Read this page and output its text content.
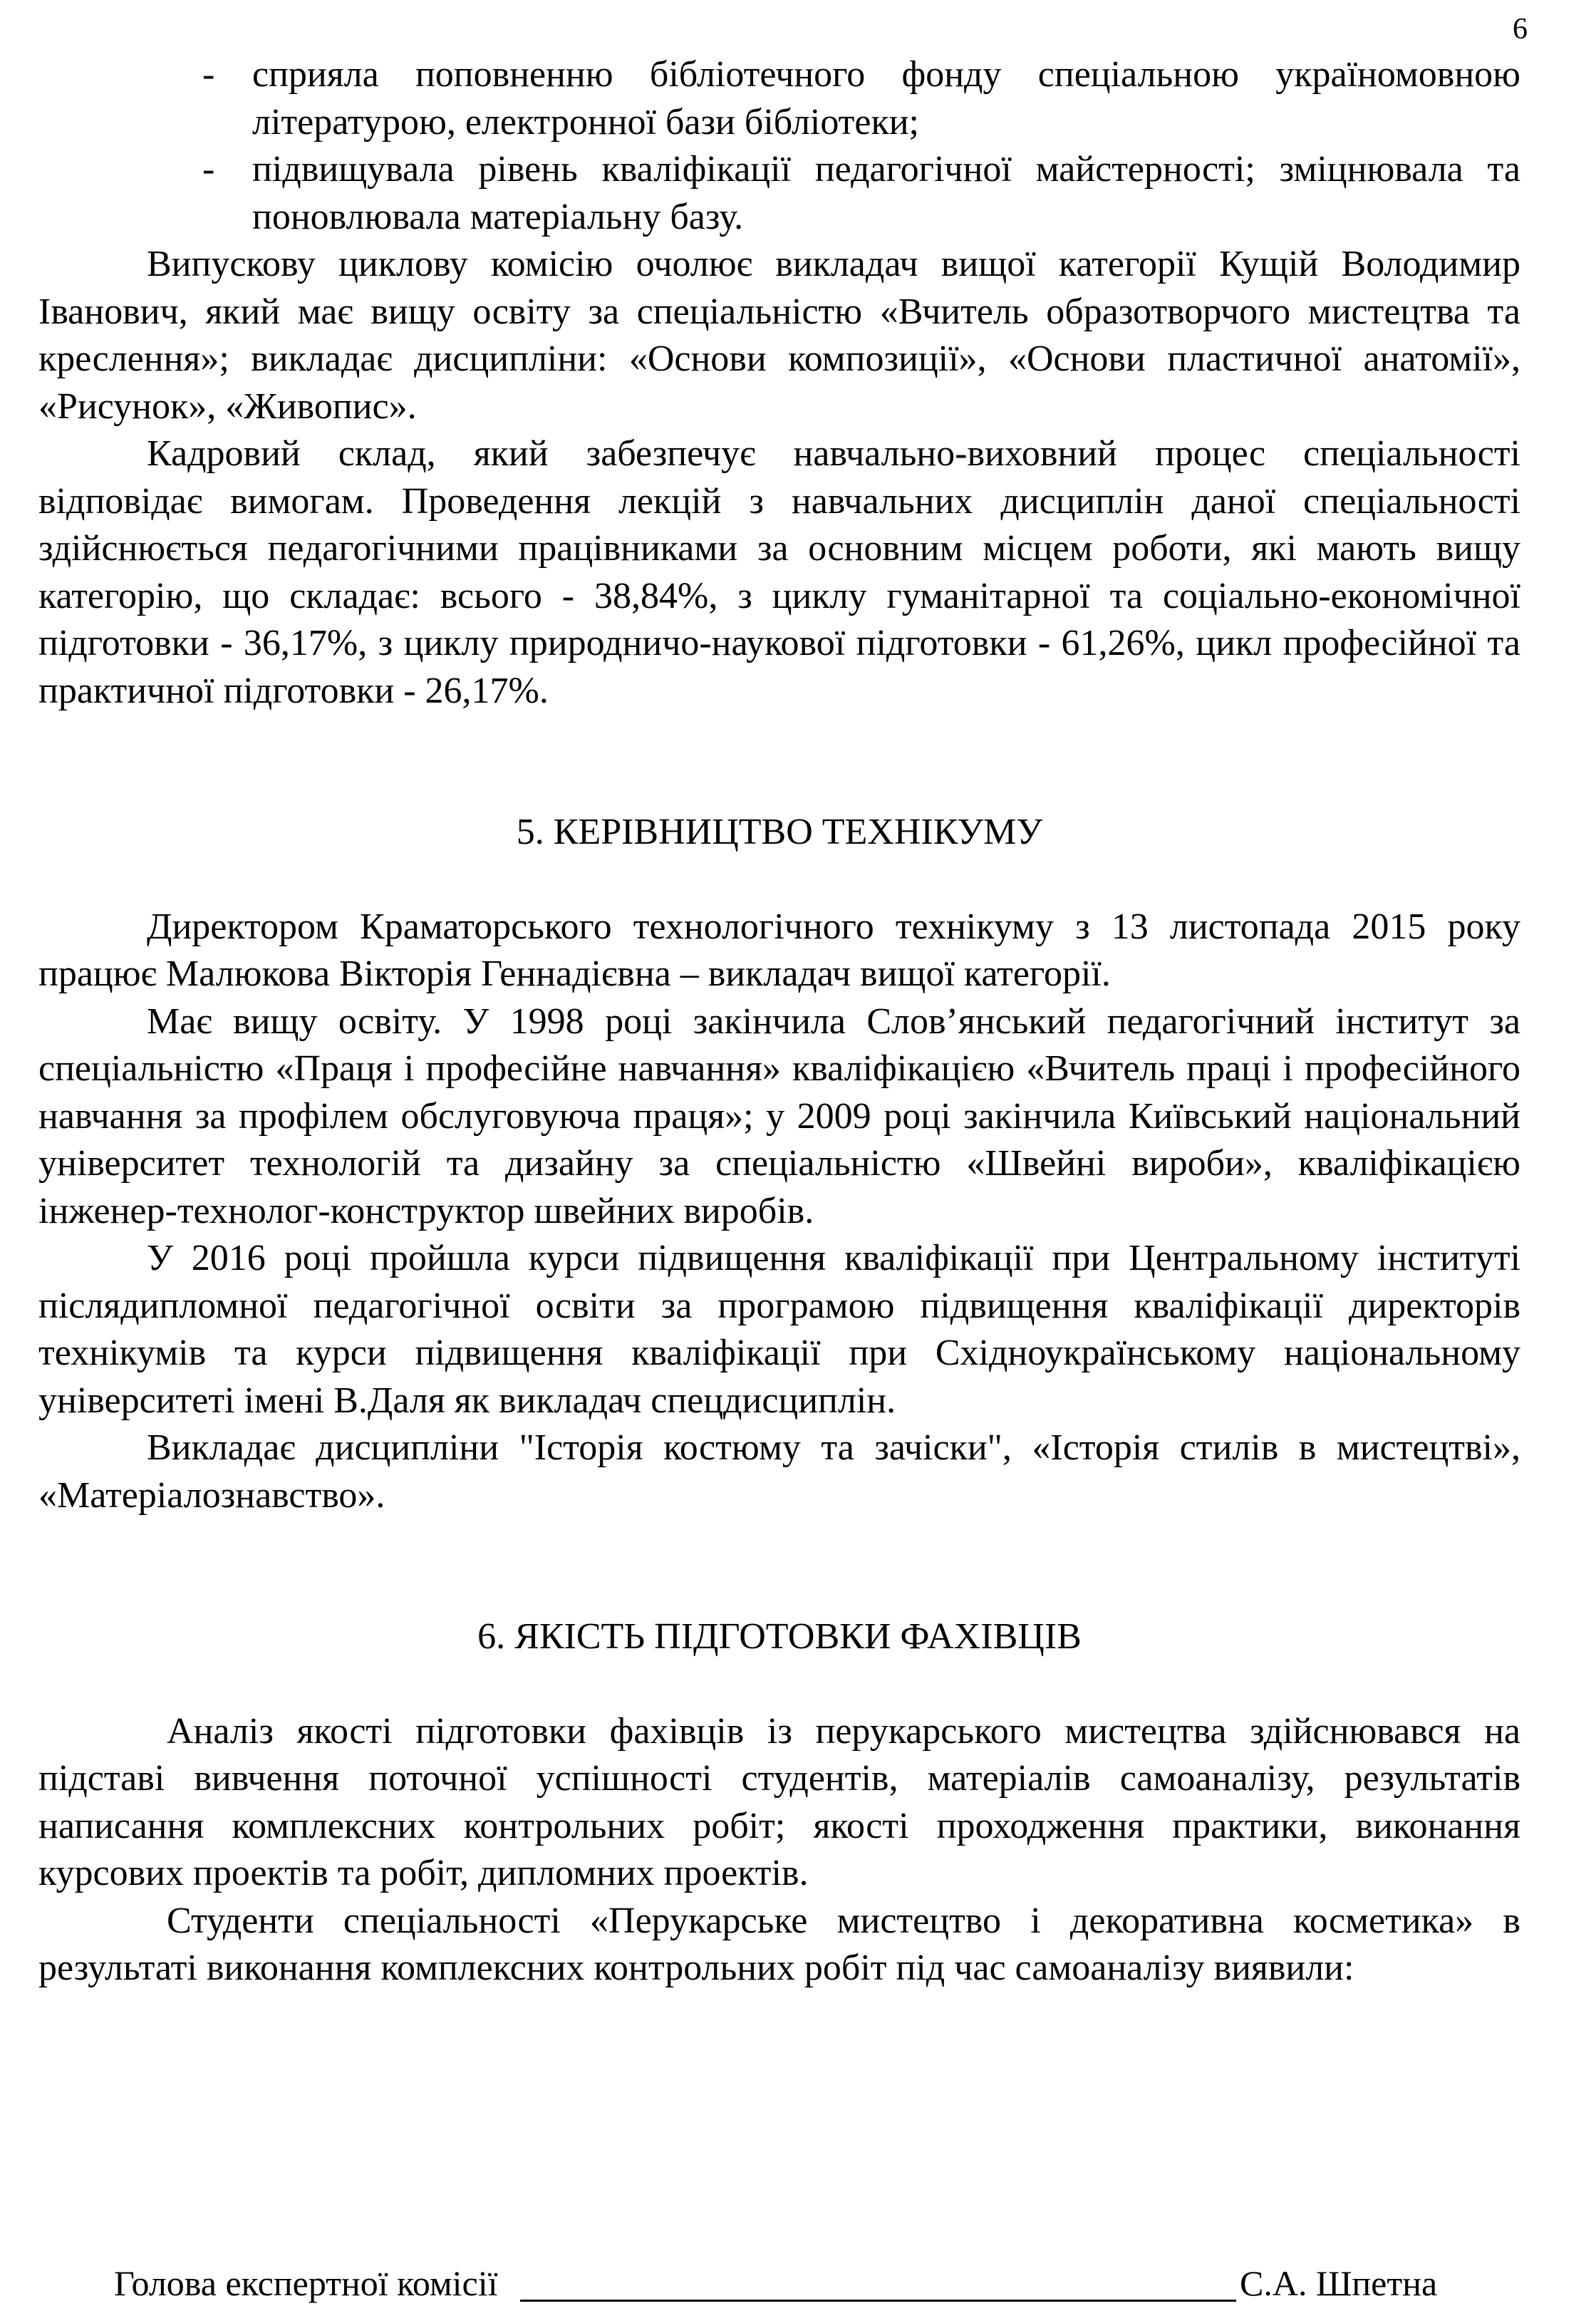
6
-	сприяла поповненню бібліотечного фонду спеціальною україномовною літературою, електронної бази бібліотеки;
-	підвищувала рівень кваліфікації педагогічної майстерності; зміцнювала та поновлювала матеріальну базу.

Випускову циклову комісію очолює викладач вищої категорії Кущій Володимир Іванович, який має вищу освіту за спеціальністю «Вчитель образотворчого мистецтва та креслення»; викладає дисципліни: «Основи композиції», «Основи пластичної анатомії», «Рисунок», «Живопис».

Кадровий склад, який забезпечує навчально-виховний процес спеціальності відповідає вимогам. Проведення лекцій з навчальних дисциплін даної спеціальності здійснюється педагогічними працівниками за основним місцем роботи, які мають вищу категорію, що складає: всього - 38,84%, з циклу гуманітарної та соціально-економічної підготовки - 36,17%, з циклу природничо-наукової підготовки - 61,26%, цикл професійної та практичної підготовки - 26,17%.

5. КЕРІВНИЦТВО ТЕХНІКУМУ

Директором Краматорського технологічного технікуму з 13 листопада 2015 року працює Малюкова Вікторія Геннадієвна – викладач вищої категорії.

Має вищу освіту. У 1998 році закінчила Слов’янський педагогічний інститут за спеціальністю «Праця і професійне навчання» кваліфікацією «Вчитель праці і професійного навчання за профілем обслуговуюча праця»; у 2009 році закінчила Київський національний університет технологій та дизайну за спеціальністю «Швейні вироби», кваліфікацією інженер-технолог-конструктор швейних виробів.

У 2016 році пройшла курси підвищення кваліфікації при Центральному інституті післядипломної педагогічної освіти за програмою підвищення кваліфікації директорів технікумів та курси підвищення кваліфікації при Східноукраїнському національному університеті імені В.Даля як викладач спецдисциплін.

Викладає дисципліни "Історія костюму та зачіски", «Історія стилів в мистецтві», «Матеріалознавство».

6. ЯКІСТЬ ПІДГОТОВКИ ФАХІВЦІВ

Аналіз якості підготовки фахівців із перукарського мистецтва здійснювався на підставі вивчення поточної успішності студентів, матеріалів самоаналізу, результатів написання комплексних контрольних робіт; якості проходження практики, виконання курсових проектів та робіт, дипломних проектів.

Студенти спеціальності «Перукарське мистецтво і декоративна косметика» в результаті виконання комплексних контрольних робіт під час самоаналізу виявили:

Голова експертної комісії	С.А. Шпетна
